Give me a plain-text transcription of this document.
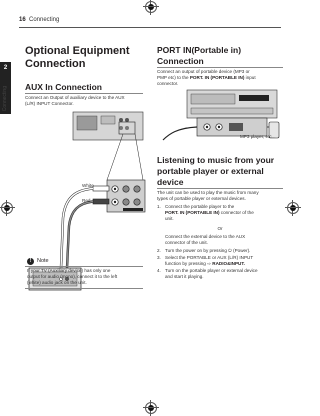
16 Connecting
2
Connecting
Optional Equipment
Connection
AUX In Connection
Connect an Output of auxiliary device to the AUX
(L/R) INPUT Connector.
White
Red
!	Note
If your TV (Auxiliary device) has only one
output for audio (mono), connect it to the left
(white) audio jack on the unit.
PORT IN(Portable in)
Connection
Connect an output of portable device (MP3 or
PMP etc) to the PORT. IN (PORTABLE IN) input
connector.
MP3 player, etc...
Listening to music from your
portable player or external
device
The unit can be used to play the music from many
types of portable player or external devices.
1. Connect the portable player to the
PORT. IN (PORTABLE IN) connector of the
unit.
Or
Connect the external device to the AUX
connector of the unit.
2. Turn the power on by pressing ⏻ (Power).
3. Select the PORTABLE or AUX (L/R) INPUT
function by pressing ⇨ RADIO&INPUT.
4. Turn on the portable player or external device
and start it playing.
